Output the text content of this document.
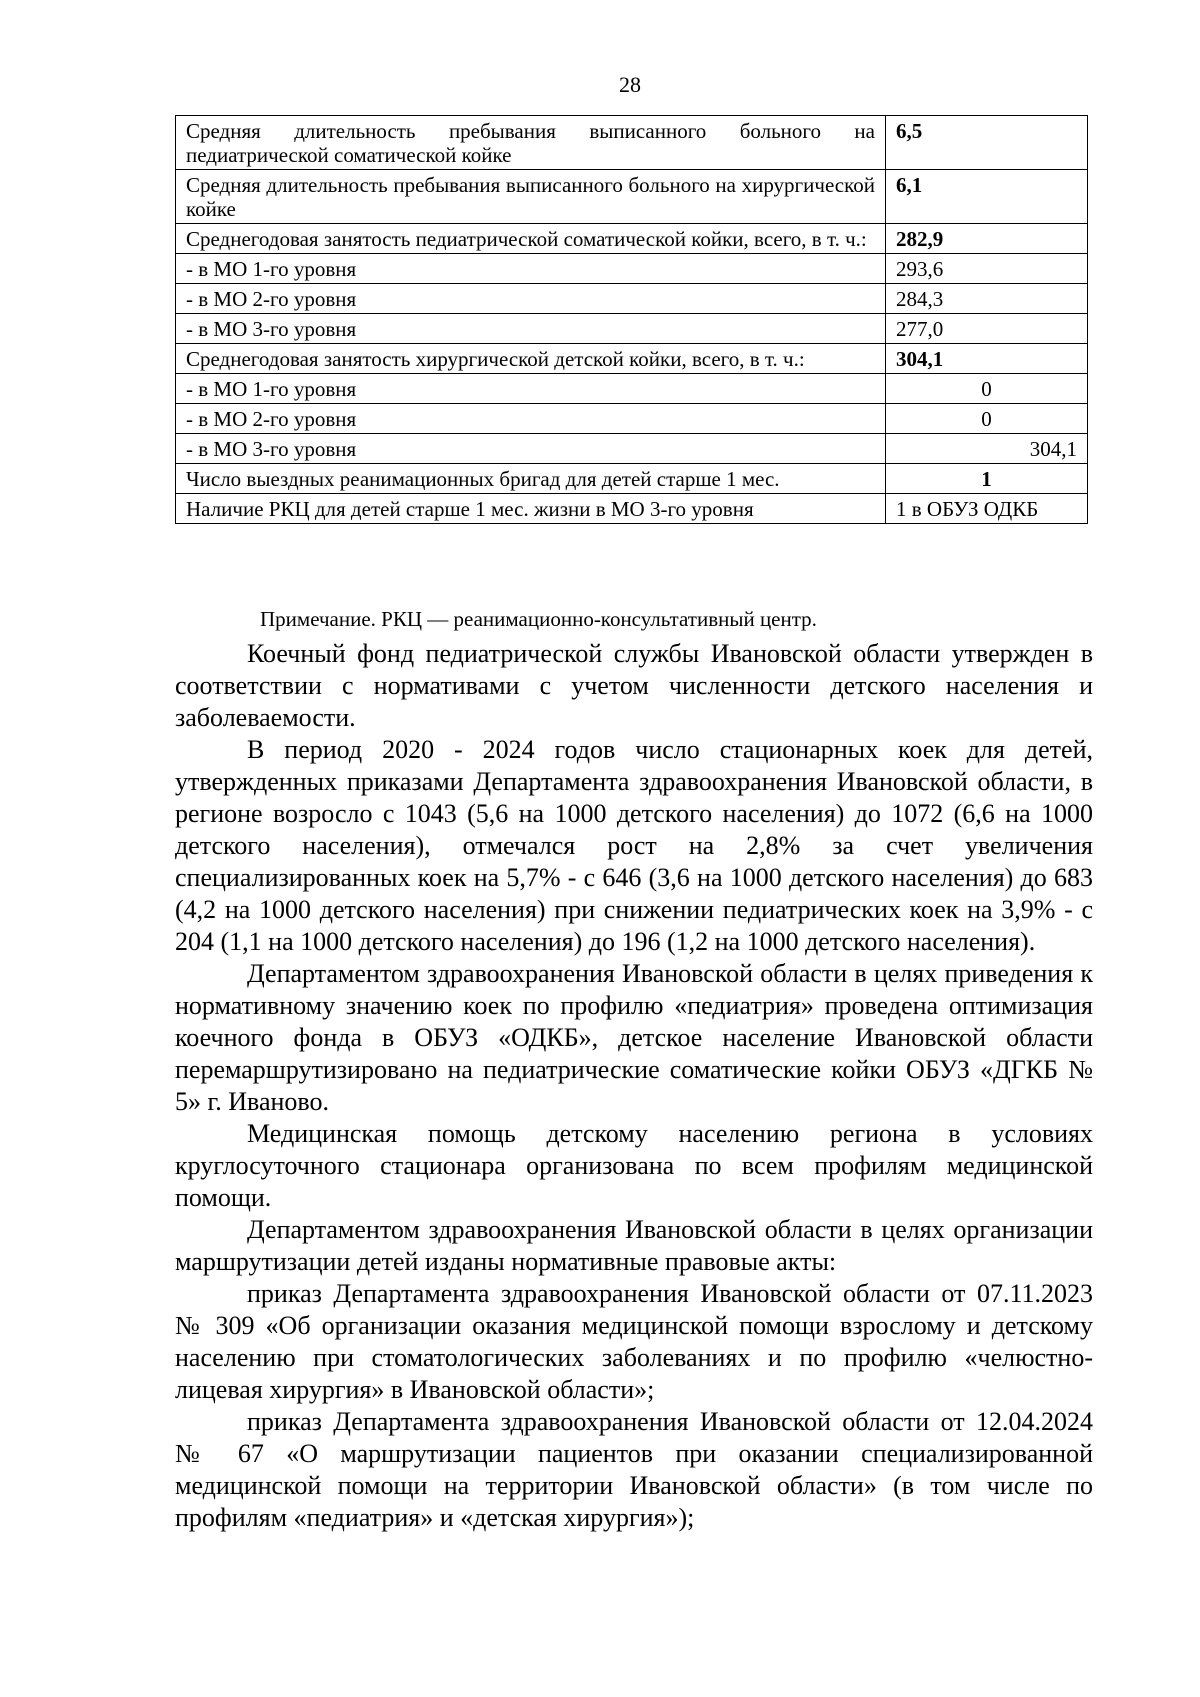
28
Средняя длительность пребывания выписанного больного на педиатрической соматической койке	6,5
Средняя длительность пребывания выписанного больного на хирургической койке	6,1
Среднегодовая занятость педиатрической соматической койки, всего, в т. ч.:	282,9
- в МО 1-го уровня	293,6
- в МО 2-го уровня	284,3
- в МО 3-го уровня	277,0
Среднегодовая занятость хирургической детской койки, всего, в т. ч.:	304,1
- в МО 1-го уровня	0
- в МО 2-го уровня	0
- в МО 3-го уровня	304,1
Число выездных реанимационных бригад для детей старше 1 мес.	1
Наличие РКЦ для детей старше 1 мес. жизни в МО 3-го уровня	1 в ОБУЗ ОДКБ
Примечание. РКЦ — реанимационно-консультативный центр.

Коечный фонд педиатрической службы Ивановской области утвержден в соответствии с нормативами с учетом численности детского населения и заболеваемости.

В период 2020 - 2024 годов число стационарных коек для детей, утвержденных приказами Департамента здравоохранения Ивановской области, в регионе возросло с 1043 (5,6 на 1000 детского населения) до 1072 (6,6 на 1000 детского населения), отмечался рост на 2,8% за счет увеличения специализированных коек на 5,7% - с 646 (3,6 на 1000 детского населения) до 683 (4,2 на 1000 детского населения) при снижении педиатрических коек на 3,9% - с 204 (1,1 на 1000 детского населения) до 196 (1,2 на 1000 детского населения).

Департаментом здравоохранения Ивановской области в целях приведения к нормативному значению коек по профилю «педиатрия» проведена оптимизация коечного фонда в ОБУЗ «ОДКБ», детское население Ивановской области перемаршрутизировано на педиатрические соматические койки ОБУЗ «ДГКБ № 5» г. Иваново.

Медицинская помощь детскому населению региона в условиях круглосуточного стационара организована по всем профилям медицинской помощи.

Департаментом здравоохранения Ивановской области в целях организации маршрутизации детей изданы нормативные правовые акты:

приказ Департамента здравоохранения Ивановской области от 07.11.2023 № 309 «Об организации оказания медицинской помощи взрослому и детскому населению при стоматологических заболеваниях и по профилю «челюстно-лицевая хирургия» в Ивановской области»;

приказ Департамента здравоохранения Ивановской области от 12.04.2024 № 67 «О маршрутизации пациентов при оказании специализированной медицинской помощи на территории Ивановской области» (в том числе по профилям «педиатрия» и «детская хирургия»);
